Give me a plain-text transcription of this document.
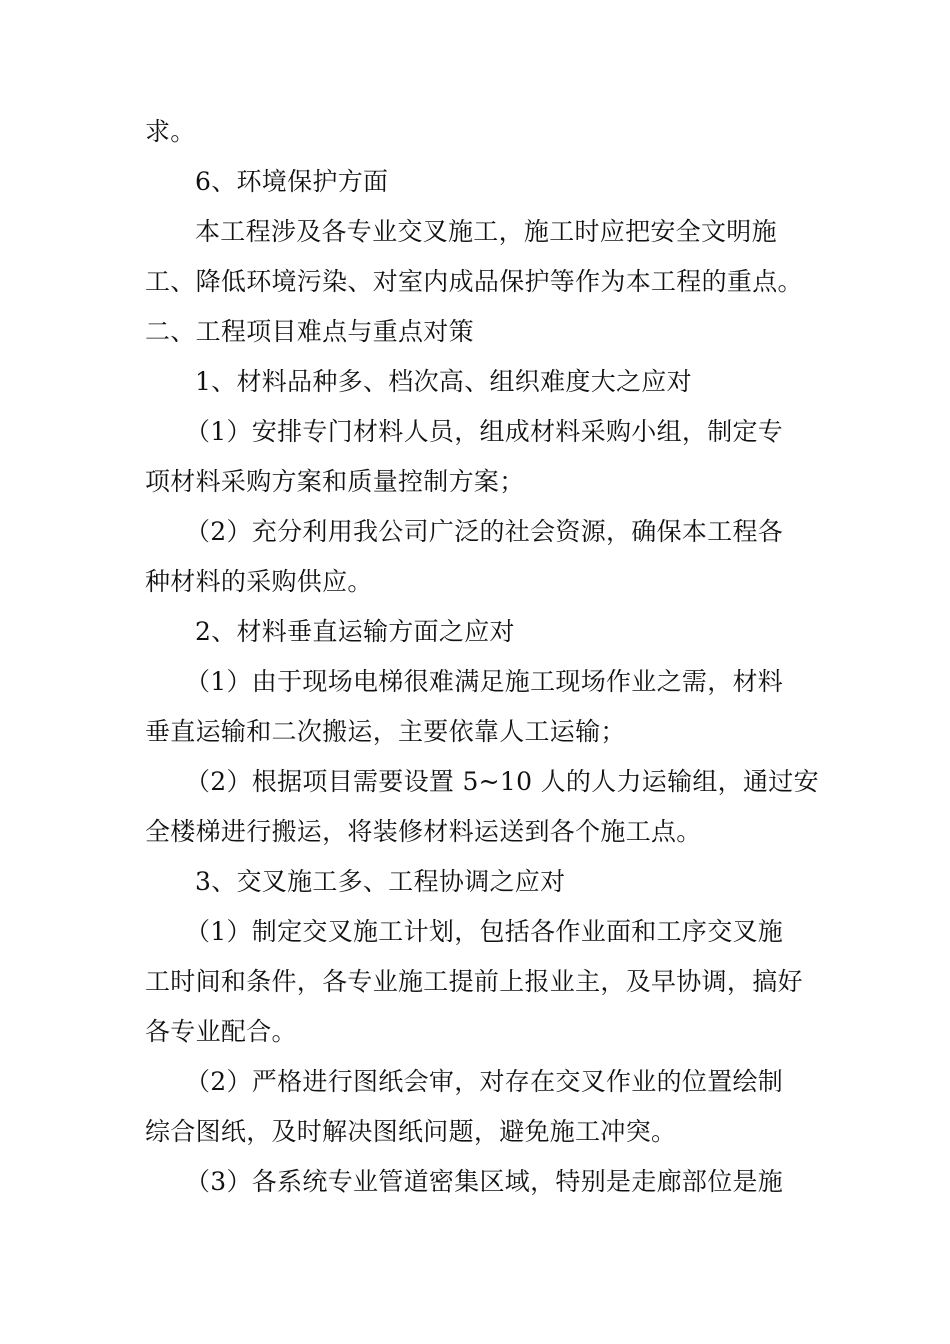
求。
6、环境保护方面
本工程涉及各专业交叉施工，施工时应把安全文明施
工、降低环境污染、对室内成品保护等作为本工程的重点。
二、工程项目难点与重点对策
1、材料品种多、档次高、组织难度大之应对
（1）安排专门材料人员，组成材料采购小组，制定专
项材料采购方案和质量控制方案；
（2）充分利用我公司广泛的社会资源，确保本工程各
种材料的采购供应。
2、材料垂直运输方面之应对
（1）由于现场电梯很难满足施工现场作业之需，材料
垂直运输和二次搬运，主要依靠人工运输；
（2）根据项目需要设置 5~10 人的人力运输组，通过安
全楼梯进行搬运，将装修材料运送到各个施工点。
3、交叉施工多、工程协调之应对
（1）制定交叉施工计划，包括各作业面和工序交叉施
工时间和条件，各专业施工提前上报业主，及早协调，搞好
各专业配合。
（2）严格进行图纸会审，对存在交叉作业的位置绘制
综合图纸，及时解决图纸问题，避免施工冲突。
（3）各系统专业管道密集区域，特别是走廊部位是施
